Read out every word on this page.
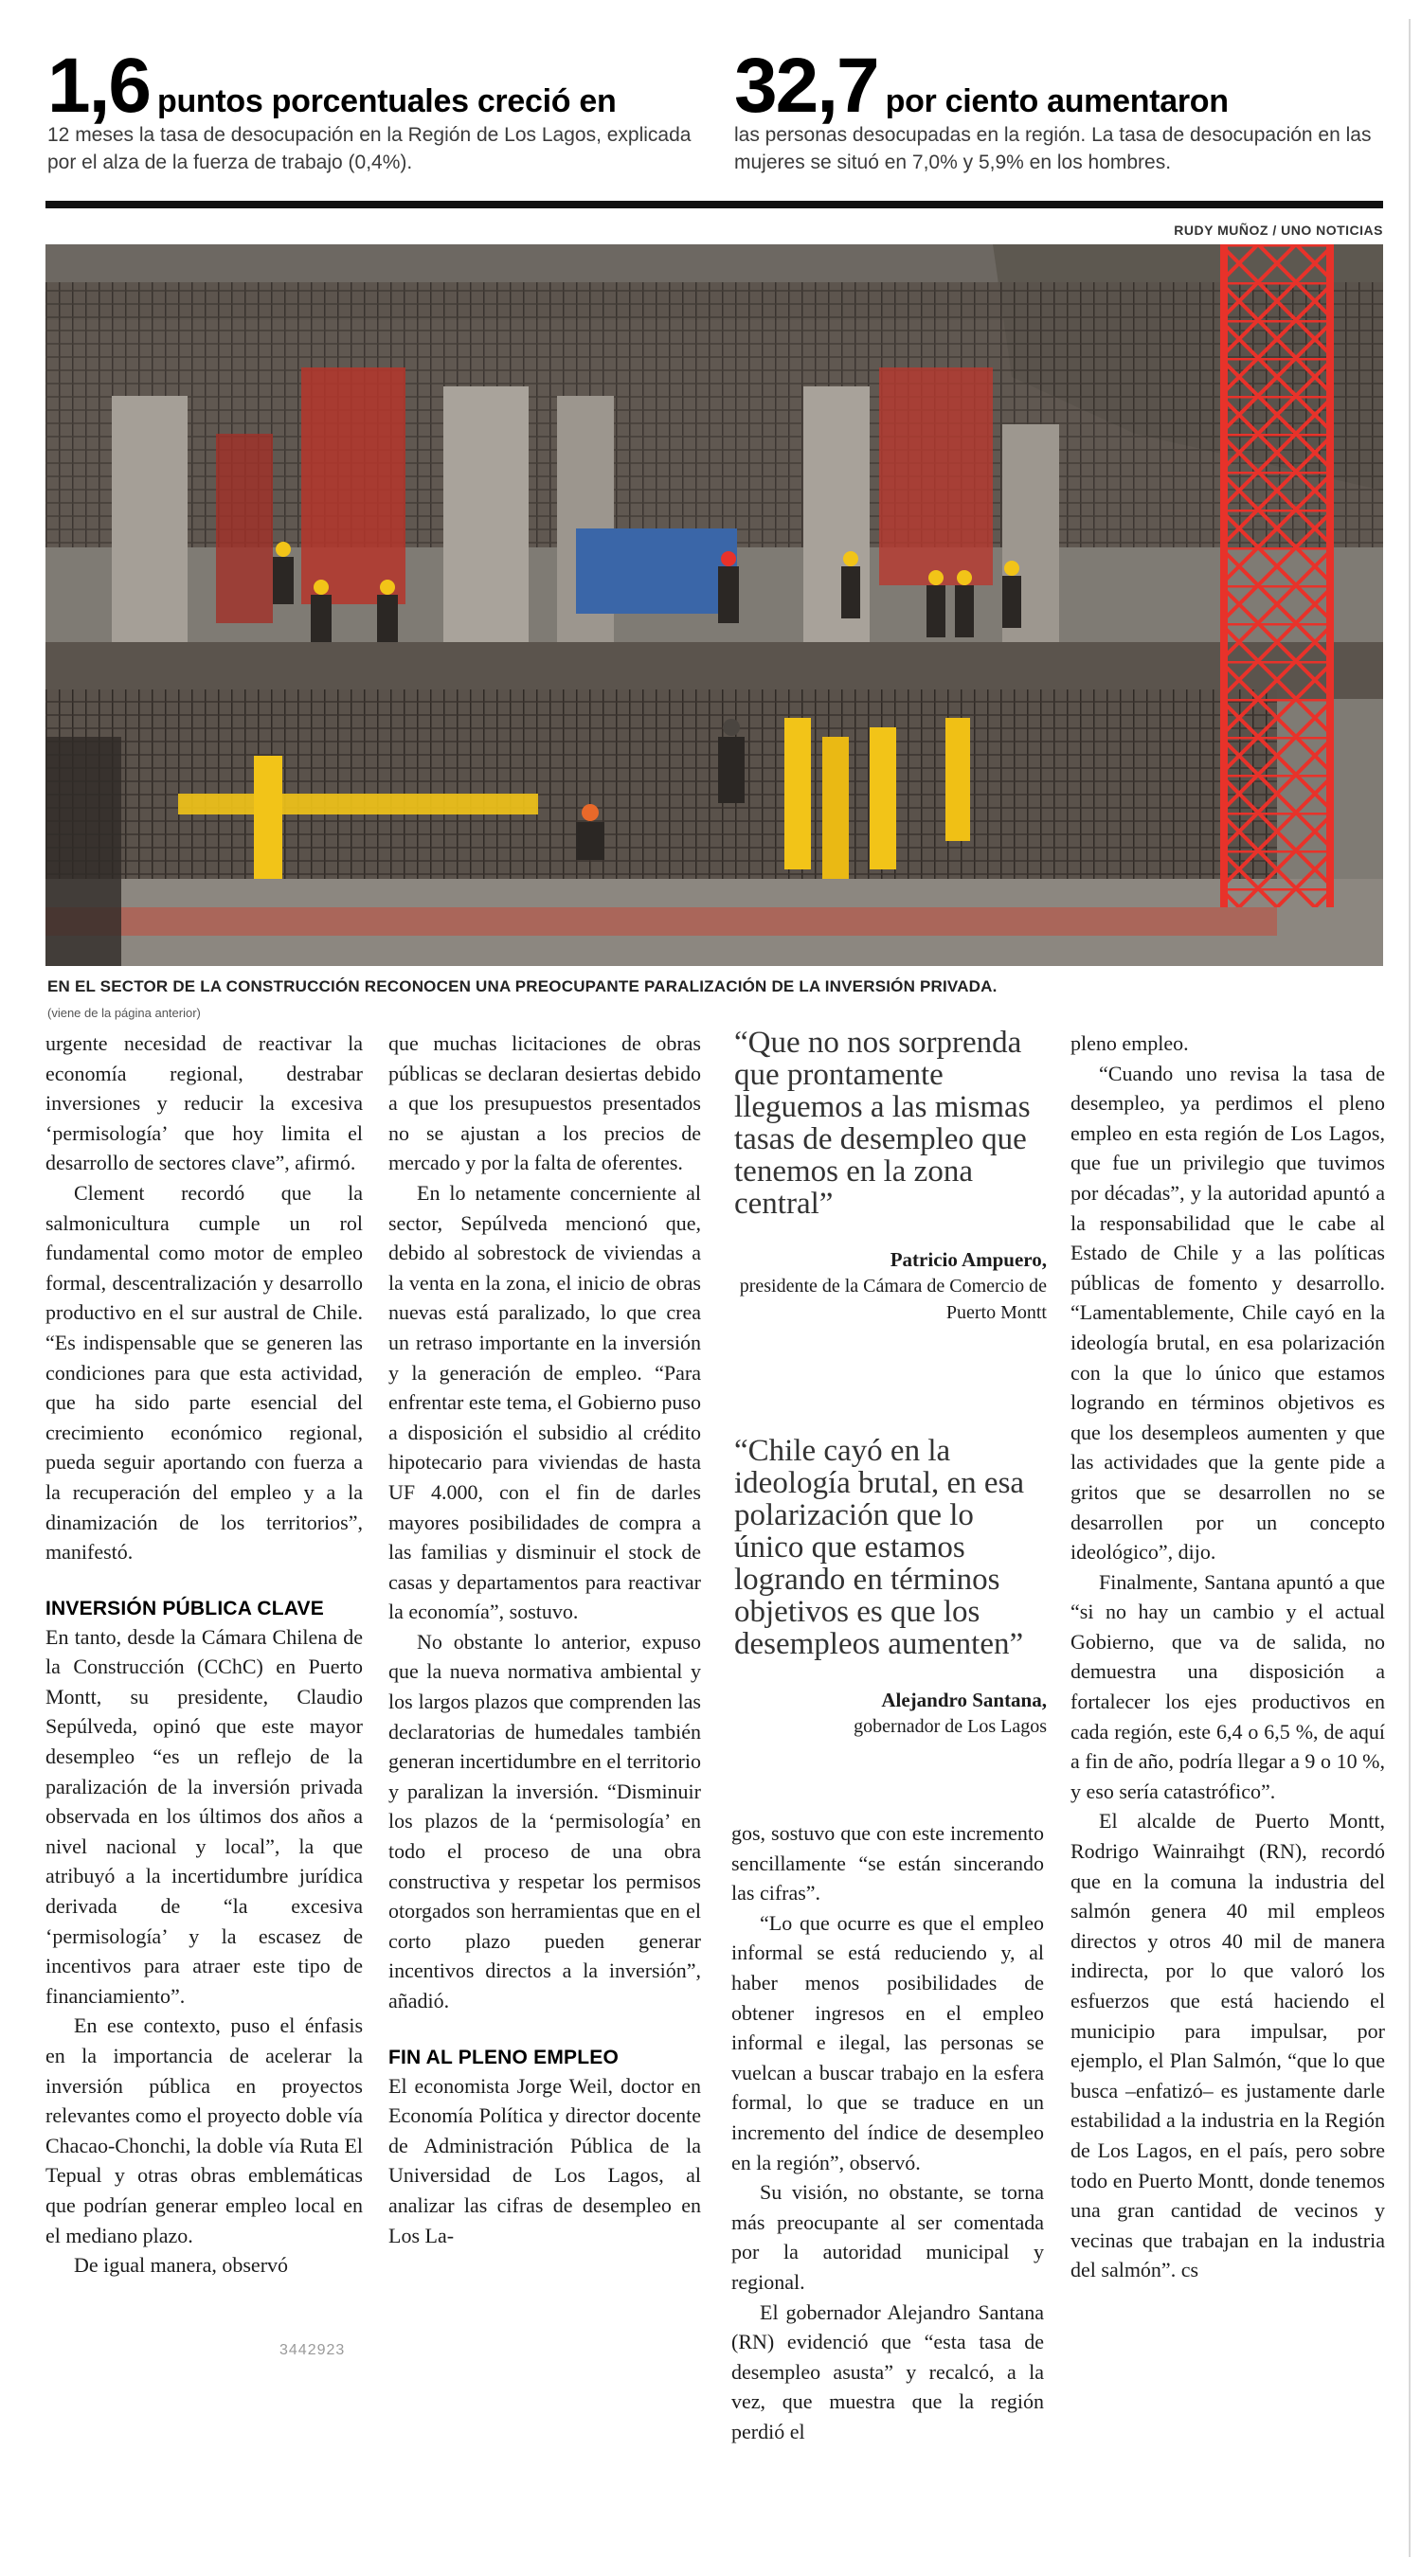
1,6 puntos porcentuales creció en
12 meses la tasa de desocupación en la Región de Los Lagos, explicada por el alza de la fuerza de trabajo (0,4%).
32,7 por ciento aumentaron
las personas desocupadas en la región. La tasa de desocupación en las mujeres se situó en 7,0% y 5,9% en los hombres.
RUDY MUÑOZ / UNO NOTICIAS
EN EL SECTOR DE LA CONSTRUCCIÓN RECONOCEN UNA PREOCUPANTE PARALIZACIÓN DE LA INVERSIÓN PRIVADA.
(viene de la página anterior)

urgente necesidad de reactivar la economía regional, destrabar inversiones y reducir la excesiva ‘permisología’ que hoy limita el desarrollo de sectores clave”, afirmó.

Clement recordó que la salmonicultura cumple un rol fundamental como motor de empleo formal, descentralización y desarrollo productivo en el sur austral de Chile. “Es indispensable que se generen las condiciones para que esta actividad, que ha sido parte esencial del crecimiento económico regional, pueda seguir aportando con fuerza a la recuperación del empleo y a la dinamización de los territorios”, manifestó.

INVERSIÓN PÚBLICA CLAVE

En tanto, desde la Cámara Chilena de la Construcción (CChC) en Puerto Montt, su presidente, Claudio Sepúlveda, opinó que este mayor desempleo “es un reflejo de la paralización de la inversión privada observada en los últimos dos años a nivel nacional y local”, la que atribuyó a la incertidumbre jurídica derivada de “la excesiva ‘permisología’ y la escasez de incentivos para atraer este tipo de financiamiento”.

En ese contexto, puso el énfasis en la importancia de acelerar la inversión pública en proyectos relevantes como el proyecto doble vía Chacao-Chonchi, la doble vía Ruta El Tepual y otras obras emblemáticas que podrían generar empleo local en el mediano plazo.

De igual manera, observó

que muchas licitaciones de obras públicas se declaran desiertas debido a que los presupuestos presentados no se ajustan a los precios de mercado y por la falta de oferentes.

En lo netamente concerniente al sector, Sepúlveda mencionó que, debido al sobrestock de viviendas a la venta en la zona, el inicio de obras nuevas está paralizado, lo que crea un retraso importante en la inversión y la generación de empleo. “Para enfrentar este tema, el Gobierno puso a disposición el subsidio al crédito hipotecario para viviendas de hasta UF 4.000, con el fin de darles mayores posibilidades de compra a las familias y disminuir el stock de casas y departamentos para reactivar la economía”, sostuvo.

No obstante lo anterior, expuso que la nueva normativa ambiental y los largos plazos que comprenden las declaratorias de humedales también generan incertidumbre en el territorio y paralizan la inversión. “Disminuir los plazos de la ‘permisología’ en todo el proceso de una obra constructiva y respetar los permisos otorgados son herramientas que en el corto plazo pueden generar incentivos directos a la inversión”, añadió.

FIN AL PLENO EMPLEO

El economista Jorge Weil, doctor en Economía Política y director docente de Administración Pública de la Universidad de Los Lagos, al analizar las cifras de desempleo en Los La-

“Que no nos sorprenda que prontamente lleguemos a las mismas tasas de desempleo que tenemos en la zona central”

Patricio Ampuero,
presidente de la Cámara de Comercio de Puerto Montt

“Chile cayó en la ideología brutal, en esa polarización que lo único que estamos logrando en términos objetivos es que los desempleos aumenten”

Alejandro Santana,
gobernador de Los Lagos

gos, sostuvo que con este incremento sencillamente “se están sincerando las cifras”.

“Lo que ocurre es que el empleo informal se está reduciendo y, al haber menos posibilidades de obtener ingresos en el empleo informal e ilegal, las personas se vuelcan a buscar trabajo en la esfera formal, lo que se traduce en un incremento del índice de desempleo en la región”, observó.

Su visión, no obstante, se torna más preocupante al ser comentada por la autoridad municipal y regional.

El gobernador Alejandro Santana (RN) evidenció que “esta tasa de desempleo asusta” y recalcó, a la vez, que muestra que la región perdió el

pleno empleo.

“Cuando uno revisa la tasa de desempleo, ya perdimos el pleno empleo en esta región de Los Lagos, que fue un privilegio que tuvimos por décadas”, y la autoridad apuntó a la responsabilidad que le cabe al Estado de Chile y a las políticas públicas de fomento y desarrollo. “Lamentablemente, Chile cayó en la ideología brutal, en esa polarización con la que lo único que estamos logrando en términos objetivos es que los desempleos aumenten y que las actividades que la gente pide a gritos que se desarrollen no se desarrollen por un concepto ideológico”, dijo.

Finalmente, Santana apuntó a que “si no hay un cambio y el actual Gobierno, que va de salida, no demuestra una disposición a fortalecer los ejes productivos en cada región, este 6,4 o 6,5 %, de aquí a fin de año, podría llegar a 9 o 10 %, y eso sería catastrófico”.

El alcalde de Puerto Montt, Rodrigo Wainraihgt (RN), recordó que en la comuna la industria del salmón genera 40 mil empleos directos y otros 40 mil de manera indirecta, por lo que valoró los esfuerzos que está haciendo el municipio para impulsar, por ejemplo, el Plan Salmón, “que lo que busca –enfatizó– es justamente darle estabilidad a la industria en la Región de Los Lagos, en el país, pero sobre todo en Puerto Montt, donde tenemos una gran cantidad de vecinos y vecinas que trabajan en la industria del salmón”. cs

3442923
